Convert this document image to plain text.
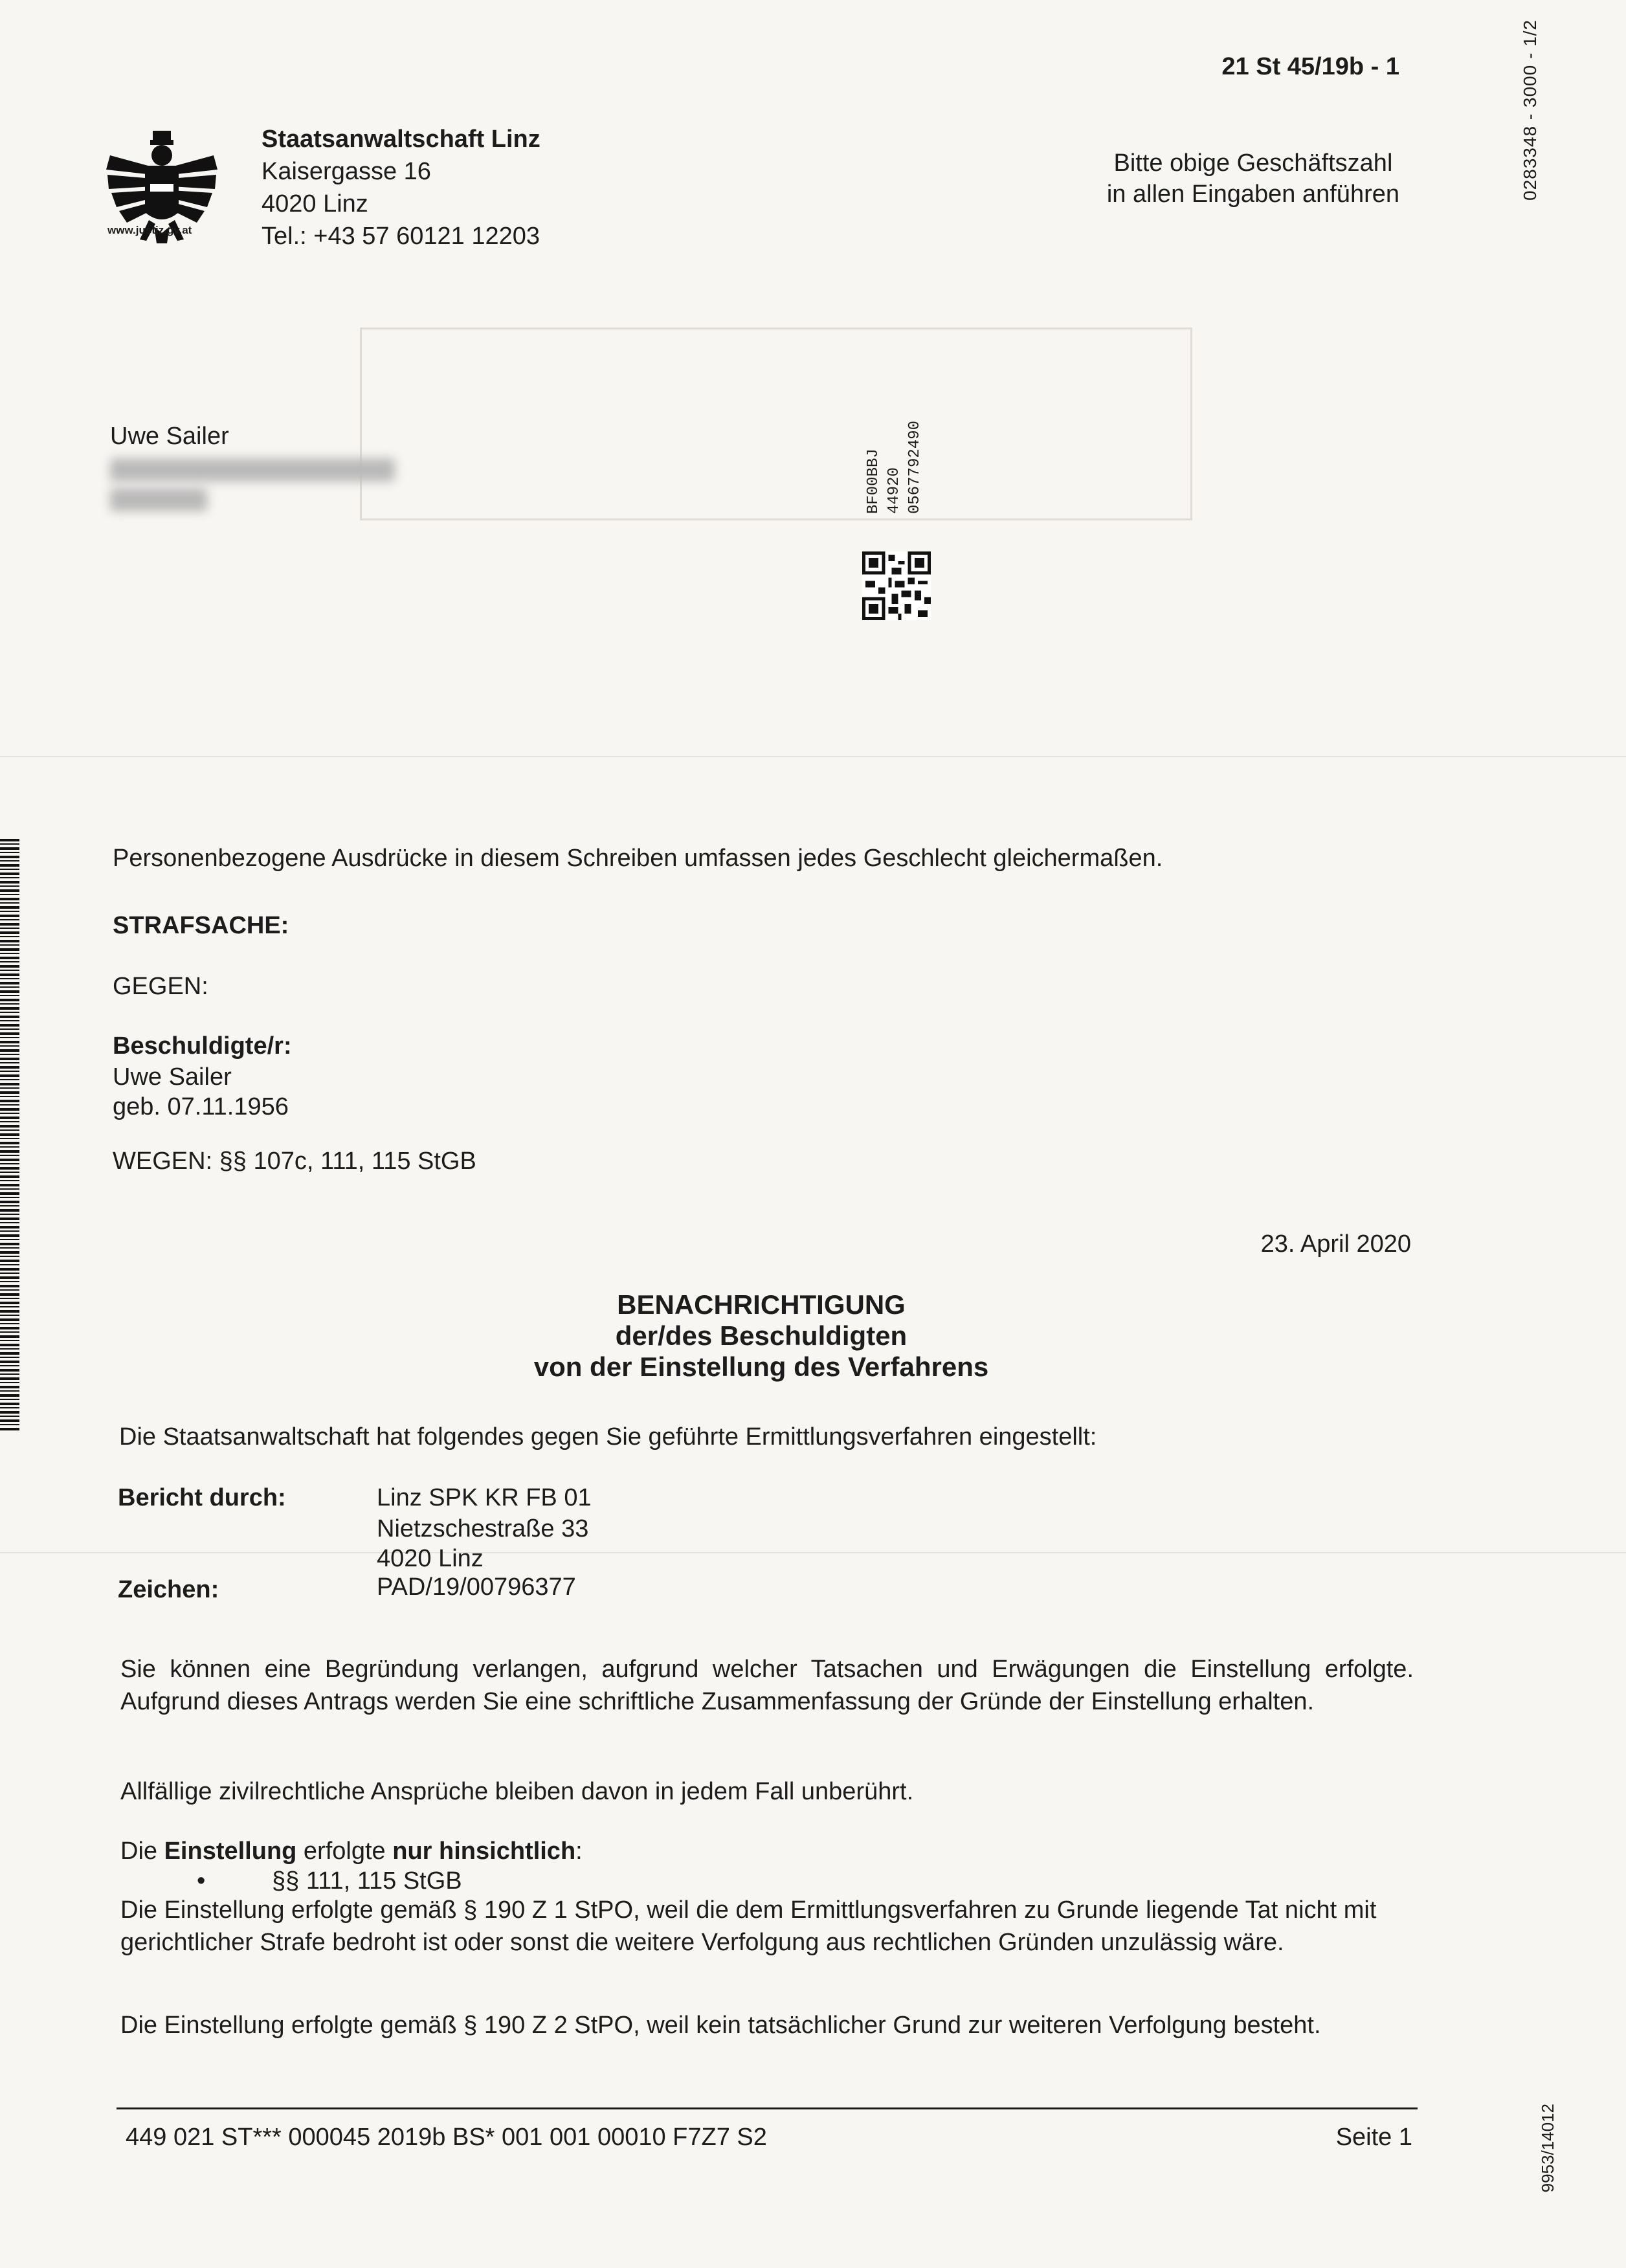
21 St 45/19b - 1	0283348 - 3000 - 1/2
9953/14012
www.justiz.gv.at
Staatsanwaltschaft Linz
Kaisergasse 16
4020 Linz
Tel.: +43 57 60121 12203
Bitte obige Geschäftszahl
in allen Eingaben anführen
Uwe Sailer
BF00BBJ 44920 0567792490
Personenbezogene Ausdrücke in diesem Schreiben umfassen jedes Geschlecht gleichermaßen.
STRAFSACHE:
GEGEN:
Beschuldigte/r:
Uwe Sailer
geb. 07.11.1956
WEGEN: §§ 107c, 111, 115 StGB
23. April 2020
BENACHRICHTIGUNG
der/des Beschuldigten
von der Einstellung des Verfahrens
Die Staatsanwaltschaft hat folgendes gegen Sie geführte Ermittlungsverfahren eingestellt:
Bericht durch:	Linz SPK KR FB 01
Nietzschestraße 33
4020 Linz
Zeichen:	PAD/19/00796377
Sie können eine Begründung verlangen, aufgrund welcher Tatsachen und Erwägungen die Einstellung erfolgte. Aufgrund dieses Antrags werden Sie eine schriftliche Zusammenfassung der Gründe der Einstellung erhalten.
Allfällige zivilrechtliche Ansprüche bleiben davon in jedem Fall unberührt.
Die Einstellung erfolgte nur hinsichtlich:
•	§§ 111, 115 StGB
Die Einstellung erfolgte gemäß § 190 Z 1 StPO, weil die dem Ermittlungsverfahren zu Grunde liegende Tat nicht mit gerichtlicher Strafe bedroht ist oder sonst die weitere Verfolgung aus rechtlichen Gründen unzulässig wäre.
Die Einstellung erfolgte gemäß § 190 Z 2 StPO, weil kein tatsächlicher Grund zur weiteren Verfolgung besteht.
449 021 ST*** 000045 2019b BS* 001 001 00010 F7Z7 S2	Seite 1
